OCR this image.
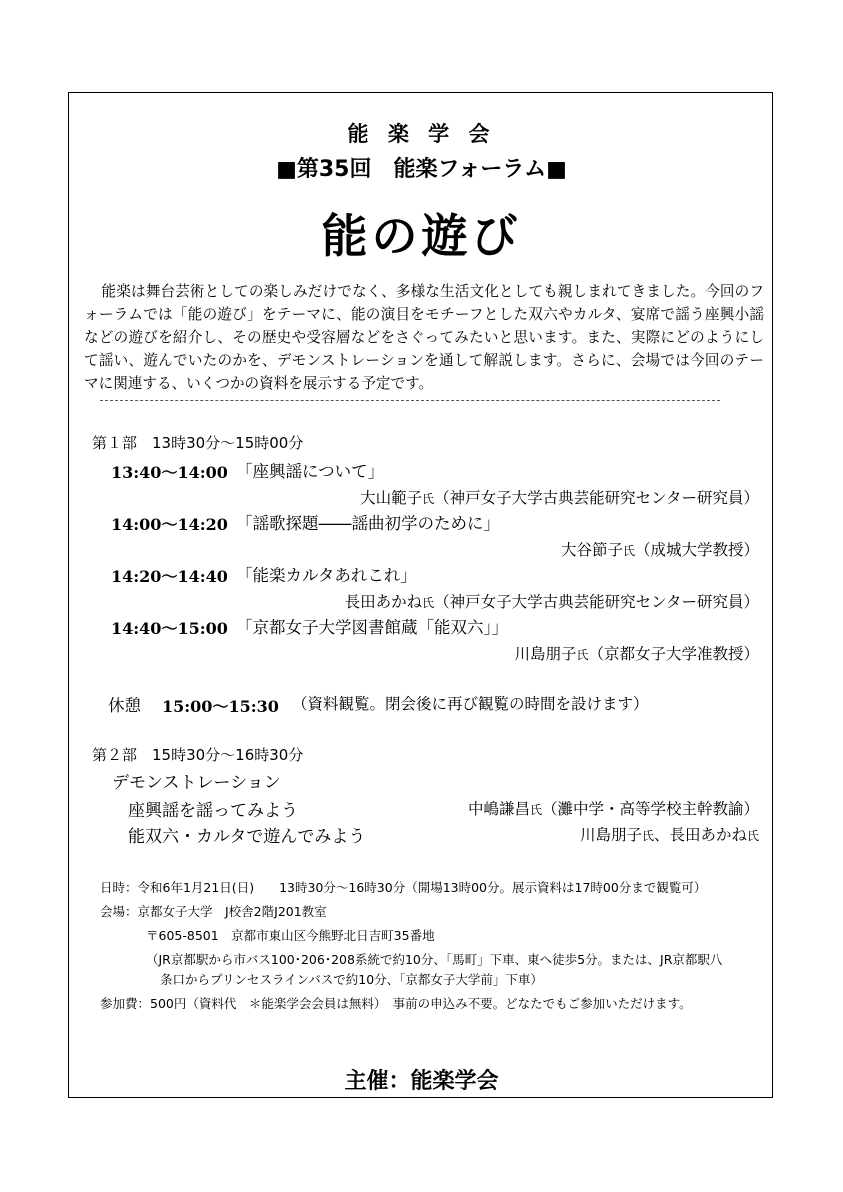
能 楽 学 会
■第35回　能楽フォーラム■
能の遊び
能楽は舞台芸術としての楽しみだけでなく、多様な生活文化としても親しまれてきました。今回のフォーラムでは「能の遊び」をテーマに、能の演目をモチーフとした双六やカルタ、宴席で謡う座興小謡などの遊びを紹介し、その歴史や受容層などをさぐってみたいと思います。また、実際にどのようにして謡い、遊んでいたのかを、デモンストレーションを通して解説します。さらに、会場では今回のテーマに関連する、いくつかの資料を展示する予定です。
第１部　13時30分～15時00分
13:40～14:00 「座興謡について」
大山範子氏（神戸女子大学古典芸能研究センター研究員）
14:00～14:20 「謡歌探題――謡曲初学のために」
大谷節子氏（成城大学教授）
14:20～14:40 「能楽カルタあれこれ」
長田あかね氏（神戸女子大学古典芸能研究センター研究員）
14:40～15:00 「京都女子大学図書館蔵「能双六」」
川島朋子氏（京都女子大学准教授）
休憩 15:00～15:30 （資料観覧。閉会後に再び観覧の時間を設けます）
第２部　15時30分～16時30分
デモンストレーション
座興謡を謡ってみよう	中嶋謙昌氏（灘中学・高等学校主幹教諭）
能双六・カルタで遊んでみよう	川島朋子氏、長田あかね氏
日時：令和6年1月21日(日)　　13時30分～16時30分（開場13時00分。展示資料は17時00分まで観覧可）
会場：京都女子大学　J校舎2階J201教室
〒605-8501　京都市東山区今熊野北日吉町35番地
（JR京都駅から市バス100･206･208系統で約10分、「馬町」下車、東へ徒歩5分。または、JR京都駅八
条口からプリンセスラインバスで約10分、「京都女子大学前」下車）
参加費：500円（資料代　＊能楽学会会員は無料）　事前の申込み不要。どなたでもご参加いただけます。
主催：能楽学会
